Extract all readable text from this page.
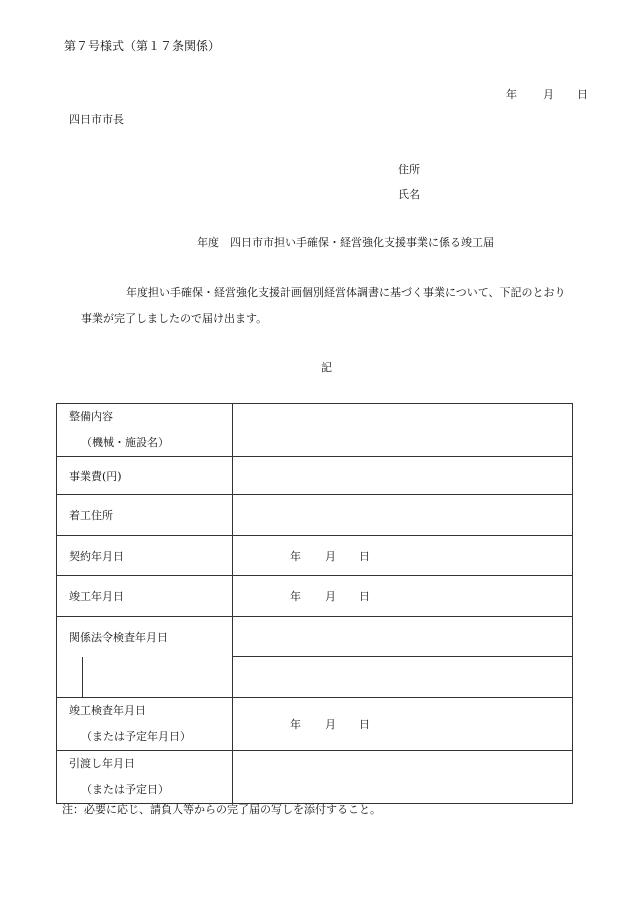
第７号様式（第１７条関係）
年 月 日
四日市市長
住所
氏名
年度　四日市市担い手確保・経営強化支援事業に係る竣工届
年度担い手確保・経営強化支援計画個別経営体調書に基づく事業について、下記のとおり
事業が完了しましたので届け出ます。
記
整備内容
（機械・施設名）	

事業費(円)	
着工住所	
契約年月日	年 月 日

竣工年月日	年 月 日

関係法令検査年月日	

竣工検査年月日
（または予定年月日）	年 月 日

引渡し年月日
（または予定日）	

注：必要に応じ、請負人等からの完了届の写しを添付すること。
